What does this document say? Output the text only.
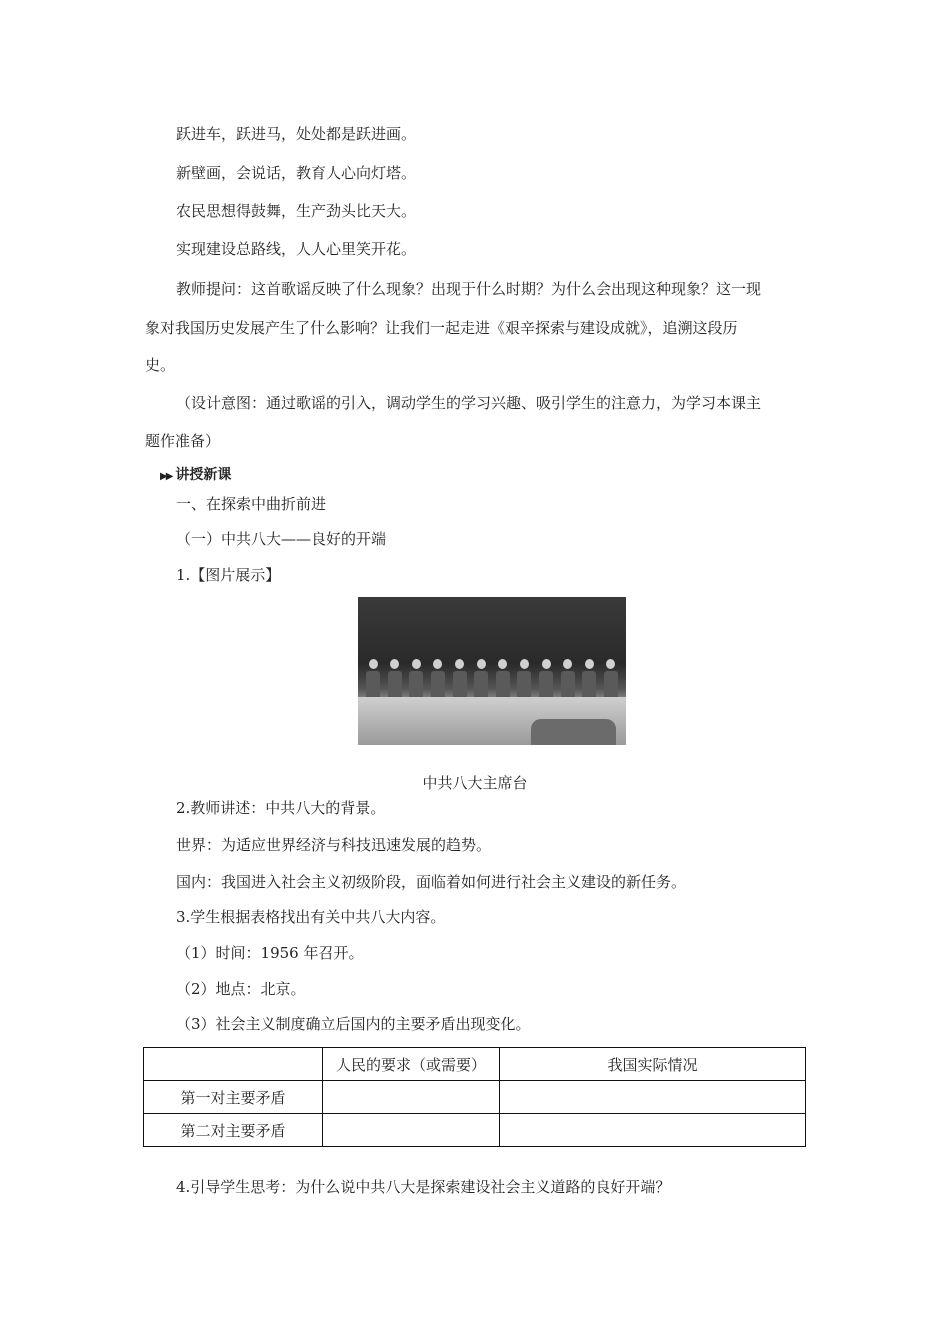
跃进车，跃进马，处处都是跃进画。
新壁画，会说话，教育人心向灯塔。
农民思想得鼓舞，生产劲头比天大。
实现建设总路线，人人心里笑开花。
教师提问：这首歌谣反映了什么现象？出现于什么时期？为什么会出现这种现象？这一现
象对我国历史发展产生了什么影响？让我们一起走进《艰辛探索与建设成就》，追溯这段历
史。
（设计意图：通过歌谣的引入，调动学生的学习兴趣、吸引学生的注意力，为学习本课主
题作准备）
▶▶ 讲授新课
一、在探索中曲折前进
（一）中共八大——良好的开端
1.【图片展示】
中共八大主席台
2.教师讲述：中共八大的背景。
世界：为适应世界经济与科技迅速发展的趋势。
国内：我国进入社会主义初级阶段，面临着如何进行社会主义建设的新任务。
3.学生根据表格找出有关中共八大内容。
（1）时间：1956 年召开。
（2）地点：北京。
（3）社会主义制度确立后国内的主要矛盾出现变化。
	人民的要求（或需要）	我国实际情况
第一对主要矛盾		
第二对主要矛盾		
4.引导学生思考：为什么说中共八大是探索建设社会主义道路的良好开端？
